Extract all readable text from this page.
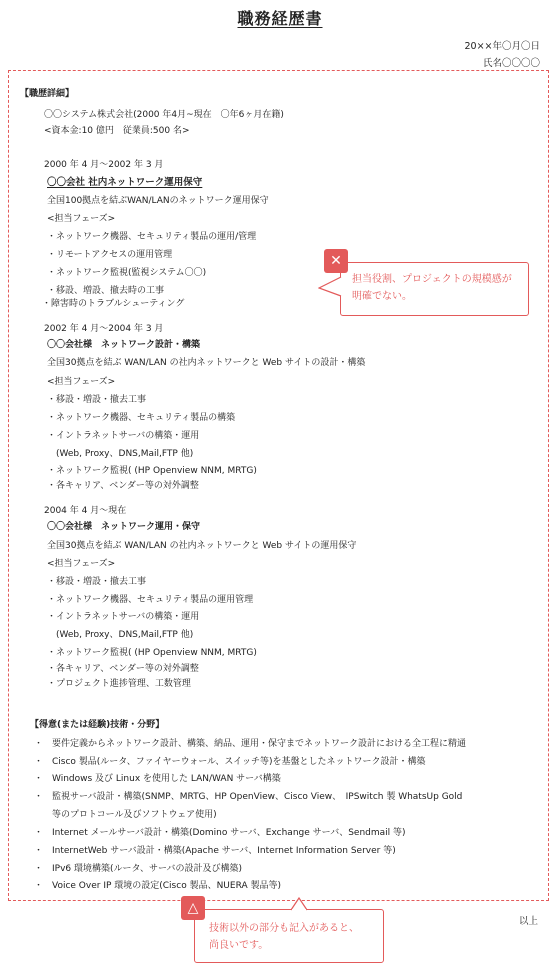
職務経歴書
20××年〇月〇日
氏名〇〇〇〇
【職歴詳細】
〇〇システム株式会社(2000 年4月~現在　〇年6ヶ月在籍)
<資本金:10 億円　従業員:500 名>
2000 年 4 月〜2002 年 3 月
〇〇会社 社内ネットワーク運用保守
全国100拠点を結ぶWAN/LANのネットワーク運用保守
<担当フェーズ>
・ネットワーク機器、セキュリティ製品の運用/管理
・リモートアクセスの運用管理
・ネットワーク監視(監視システム〇〇)
・移設、増設、撤去時の工事
・障害時のトラブルシューティング
2002 年 4 月〜2004 年 3 月
〇〇会社様　ネットワーク設計・構築
全国30拠点を結ぶ WAN/LAN の社内ネットワークと Web サイトの設計・構築
<担当フェーズ>
・移設・増設・撤去工事
・ネットワーク機器、セキュリティ製品の構築
・イントラネットサーバの構築・運用
　(Web, Proxy、DNS,Mail,FTP 他)
・ネットワーク監視( (HP Openview NNM, MRTG)
・各キャリア、ベンダー等の対外調整
2004 年 4 月〜現在
〇〇会社様　ネットワーク運用・保守
全国30拠点を結ぶ WAN/LAN の社内ネットワークと Web サイトの運用保守
<担当フェーズ>
・移設・増設・撤去工事
・ネットワーク機器、セキュリティ製品の運用管理
・イントラネットサーバの構築・運用
　(Web, Proxy、DNS,Mail,FTP 他)
・ネットワーク監視( (HP Openview NNM, MRTG)
・各キャリア、ベンダー等の対外調整
・プロジェクト進捗管理、工数管理
【得意(または経験)技術・分野】
・　要件定義からネットワーク設計、構築、納品、運用・保守までネットワーク設計における全工程に精通
・　Cisco 製品(ルータ、ファイヤーウォール、スイッチ等)を基盤としたネットワーク設計・構築
・　Windows 及び Linux を使用した LAN/WAN サーバ構築
・　監視サーバ設計・構築(SNMP、MRTG、HP OpenView、Cisco View、　IPSwitch 製 WhatsUp Gold
　　等のプロトコール及びソフトウェア使用)
・　Internet メールサーバ設計・構築(Domino サーバ、Exchange サーバ、Sendmail 等)
・　InternetWeb サーバ設計・構築(Apache サーバ、Internet Information Server 等)
・　IPv6 環境構築(ルータ、サーバの設計及び構築)
・　Voice Over IP 環境の設定(Cisco 製品、NUERA 製品等)
以上
担当役割、プロジェクトの規模感が
明確でない。
✕
技術以外の部分も記入があると、
尚良いです。
△
